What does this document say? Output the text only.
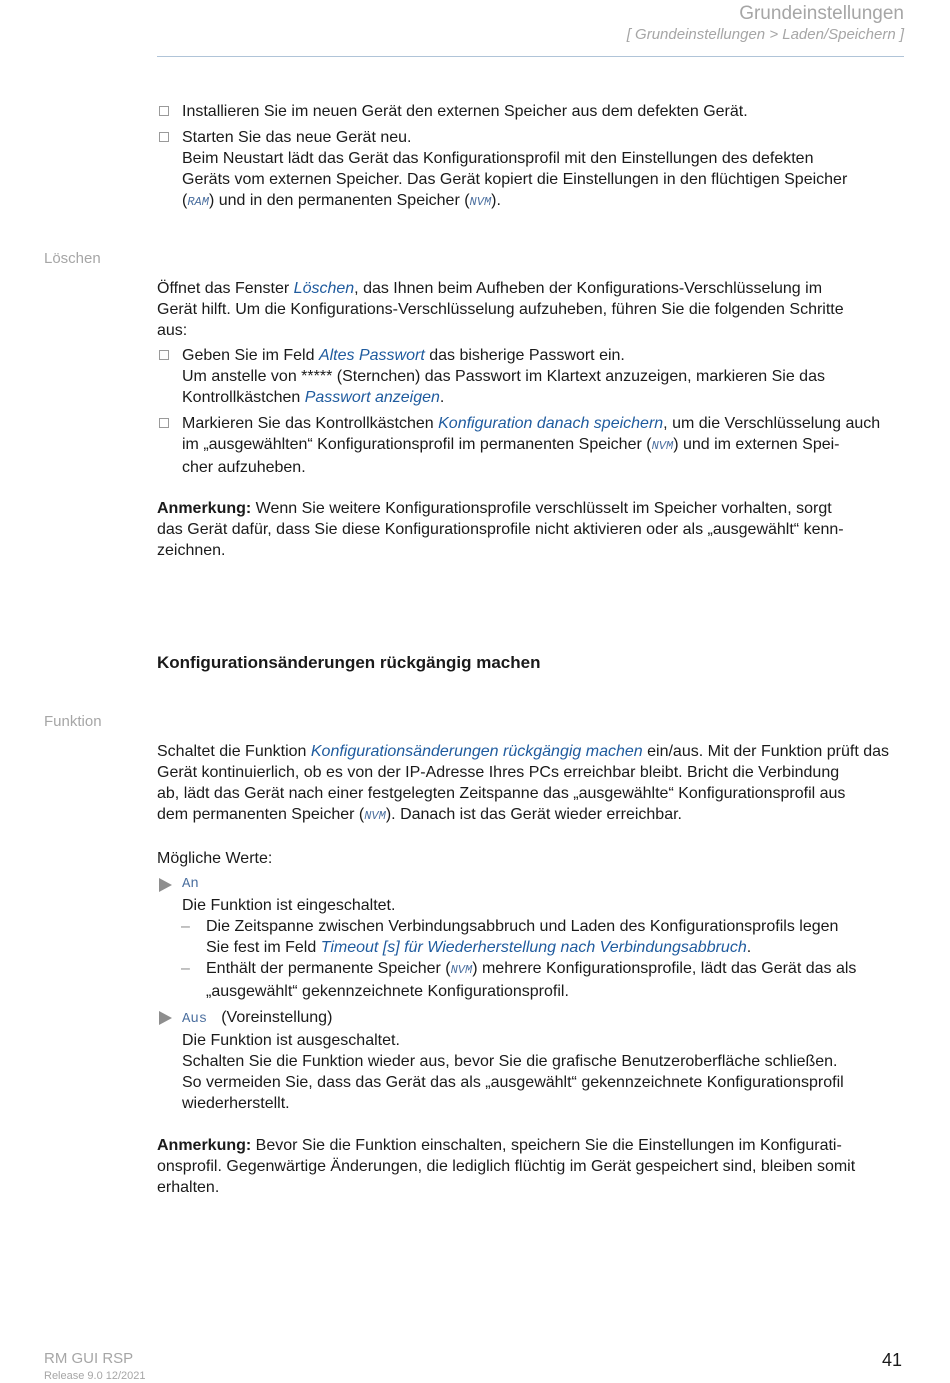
Grundeinstellungen
[ Grundeinstellungen > Laden/Speichern ]
Installieren Sie im neuen Gerät den externen Speicher aus dem defekten Gerät.
Starten Sie das neue Gerät neu.
Beim Neustart lädt das Gerät das Konfigurationsprofil mit den Einstellungen des defekten
Geräts vom externen Speicher. Das Gerät kopiert die Einstellungen in den flüchtigen Speicher
(RAM) und in den permanenten Speicher (NVM).
Löschen
Öffnet das Fenster Löschen, das Ihnen beim Aufheben der Konfigurations-Verschlüsselung im
Gerät hilft. Um die Konfigurations-Verschlüsselung aufzuheben, führen Sie die folgenden Schritte
aus:
Geben Sie im Feld Altes Passwort das bisherige Passwort ein.
Um anstelle von ***** (Sternchen) das Passwort im Klartext anzuzeigen, markieren Sie das
Kontrollkästchen Passwort anzeigen.
Markieren Sie das Kontrollkästchen Konfiguration danach speichern, um die Verschlüsselung auch
im „ausgewählten“ Konfigurationsprofil im permanenten Speicher (NVM) und im externen Spei-
cher aufzuheben.
Anmerkung: Wenn Sie weitere Konfigurationsprofile verschlüsselt im Speicher vorhalten, sorgt
das Gerät dafür, dass Sie diese Konfigurationsprofile nicht aktivieren oder als „ausgewählt“ kenn-
zeichnen.
Konfigurationsänderungen rückgängig machen
Funktion
Schaltet die Funktion Konfigurationsänderungen rückgängig machen ein/aus. Mit der Funktion prüft das
Gerät kontinuierlich, ob es von der IP-Adresse Ihres PCs erreichbar bleibt. Bricht die Verbindung
ab, lädt das Gerät nach einer festgelegten Zeitspanne das „ausgewählte“ Konfigurationsprofil aus
dem permanenten Speicher (NVM). Danach ist das Gerät wieder erreichbar.
Mögliche Werte:
An
Die Funktion ist eingeschaltet.
– Die Zeitspanne zwischen Verbindungsabbruch und Laden des Konfigurationsprofils legen
Sie fest im Feld Timeout [s] für Wiederherstellung nach Verbindungsabbruch.
– Enthält der permanente Speicher (NVM) mehrere Konfigurationsprofile, lädt das Gerät das als
„ausgewählt“ gekennzeichnete Konfigurationsprofil.
Aus (Voreinstellung)
Die Funktion ist ausgeschaltet.
Schalten Sie die Funktion wieder aus, bevor Sie die grafische Benutzeroberfläche schließen.
So vermeiden Sie, dass das Gerät das als „ausgewählt“ gekennzeichnete Konfigurationsprofil
wiederherstellt.
Anmerkung: Bevor Sie die Funktion einschalten, speichern Sie die Einstellungen im Konfigurati-
onsprofil. Gegenwärtige Änderungen, die lediglich flüchtig im Gerät gespeichert sind, bleiben somit
erhalten.
RM GUI RSP
Release 9.0 12/2021
41
